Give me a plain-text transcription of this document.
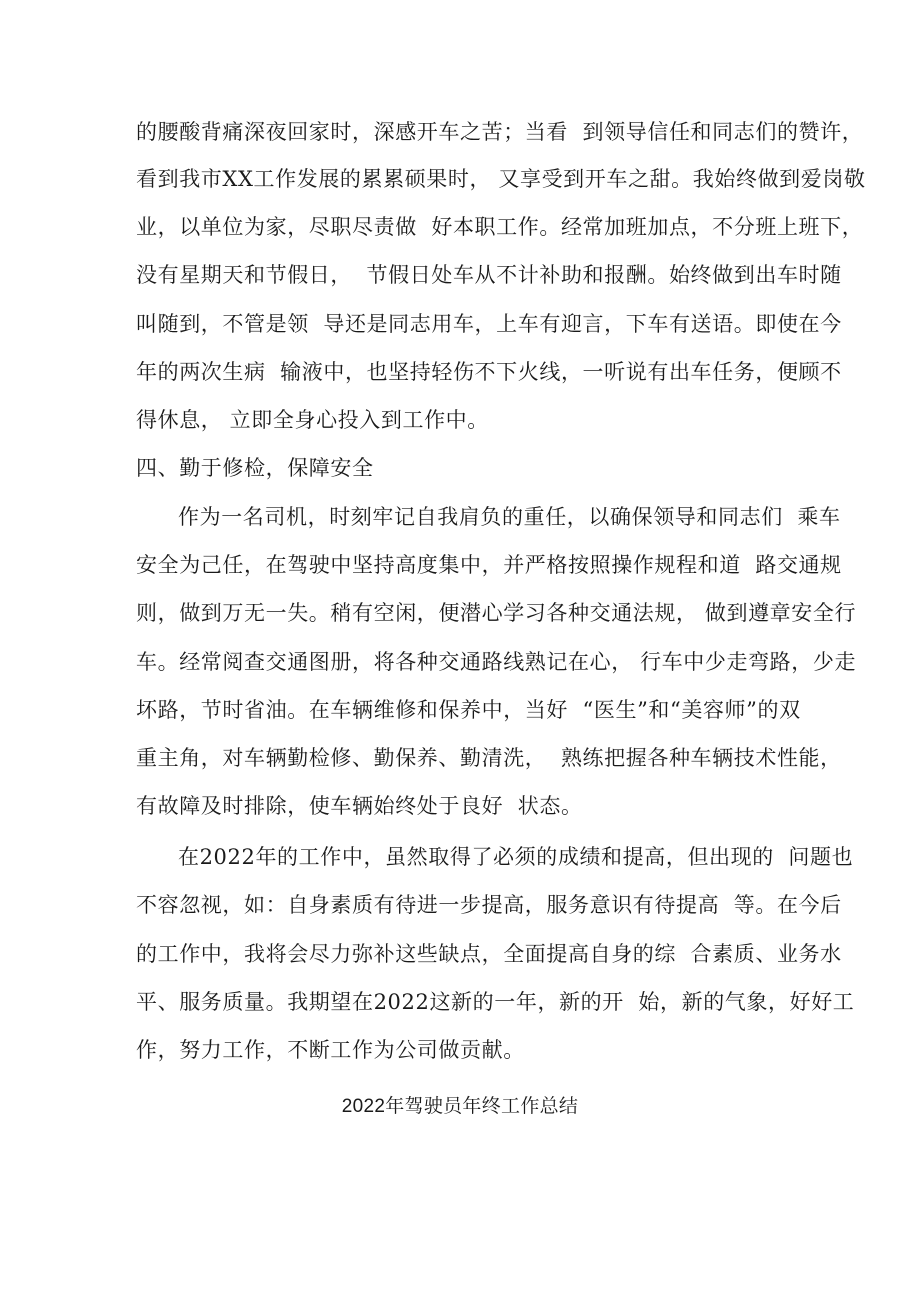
的腰酸背痛深夜回家时，深感开车之苦；当看  到领导信任和同志们的赞许，
看到我市XX工作发展的累累硕果时， 又享受到开车之甜。我始终做到爱岗敬
业，以单位为家，尽职尽责做  好本职工作。经常加班加点，不分班上班下，
没有星期天和节假日，  节假日处车从不计补助和报酬。始终做到出车时随
叫随到，不管是领  导还是同志用车，上车有迎言，下车有送语。即使在今
年的两次生病  输液中，也坚持轻伤不下火线，一听说有出车任务，便顾不
得休息， 立即全身心投入到工作中。
四、勤于修检，保障安全
作为一名司机，时刻牢记自我肩负的重任，以确保领导和同志们  乘车
安全为己任，在驾驶中坚持高度集中，并严格按照操作规程和道  路交通规
则，做到万无一失。稍有空闲，便潜心学习各种交通法规， 做到遵章安全行
车。经常阅查交通图册，将各种交通路线熟记在心， 行车中少走弯路，少走
坏路，节时省油。在车辆维修和保养中，当好  “医生”和“美容师”的双
重主角，对车辆勤检修、勤保养、勤清洗，  熟练把握各种车辆技术性能，
有故障及时排除，使车辆始终处于良好  状态。
在2022年的工作中，虽然取得了必须的成绩和提高，但出现的  问题也
不容忽视，如：自身素质有待进一步提高，服务意识有待提高  等。在今后
的工作中，我将会尽力弥补这些缺点，全面提高自身的综  合素质、业务水
平、服务质量。我期望在2022这新的一年，新的开  始，新的气象，好好工
作，努力工作，不断工作为公司做贡献。
2022年驾驶员年终工作总结
